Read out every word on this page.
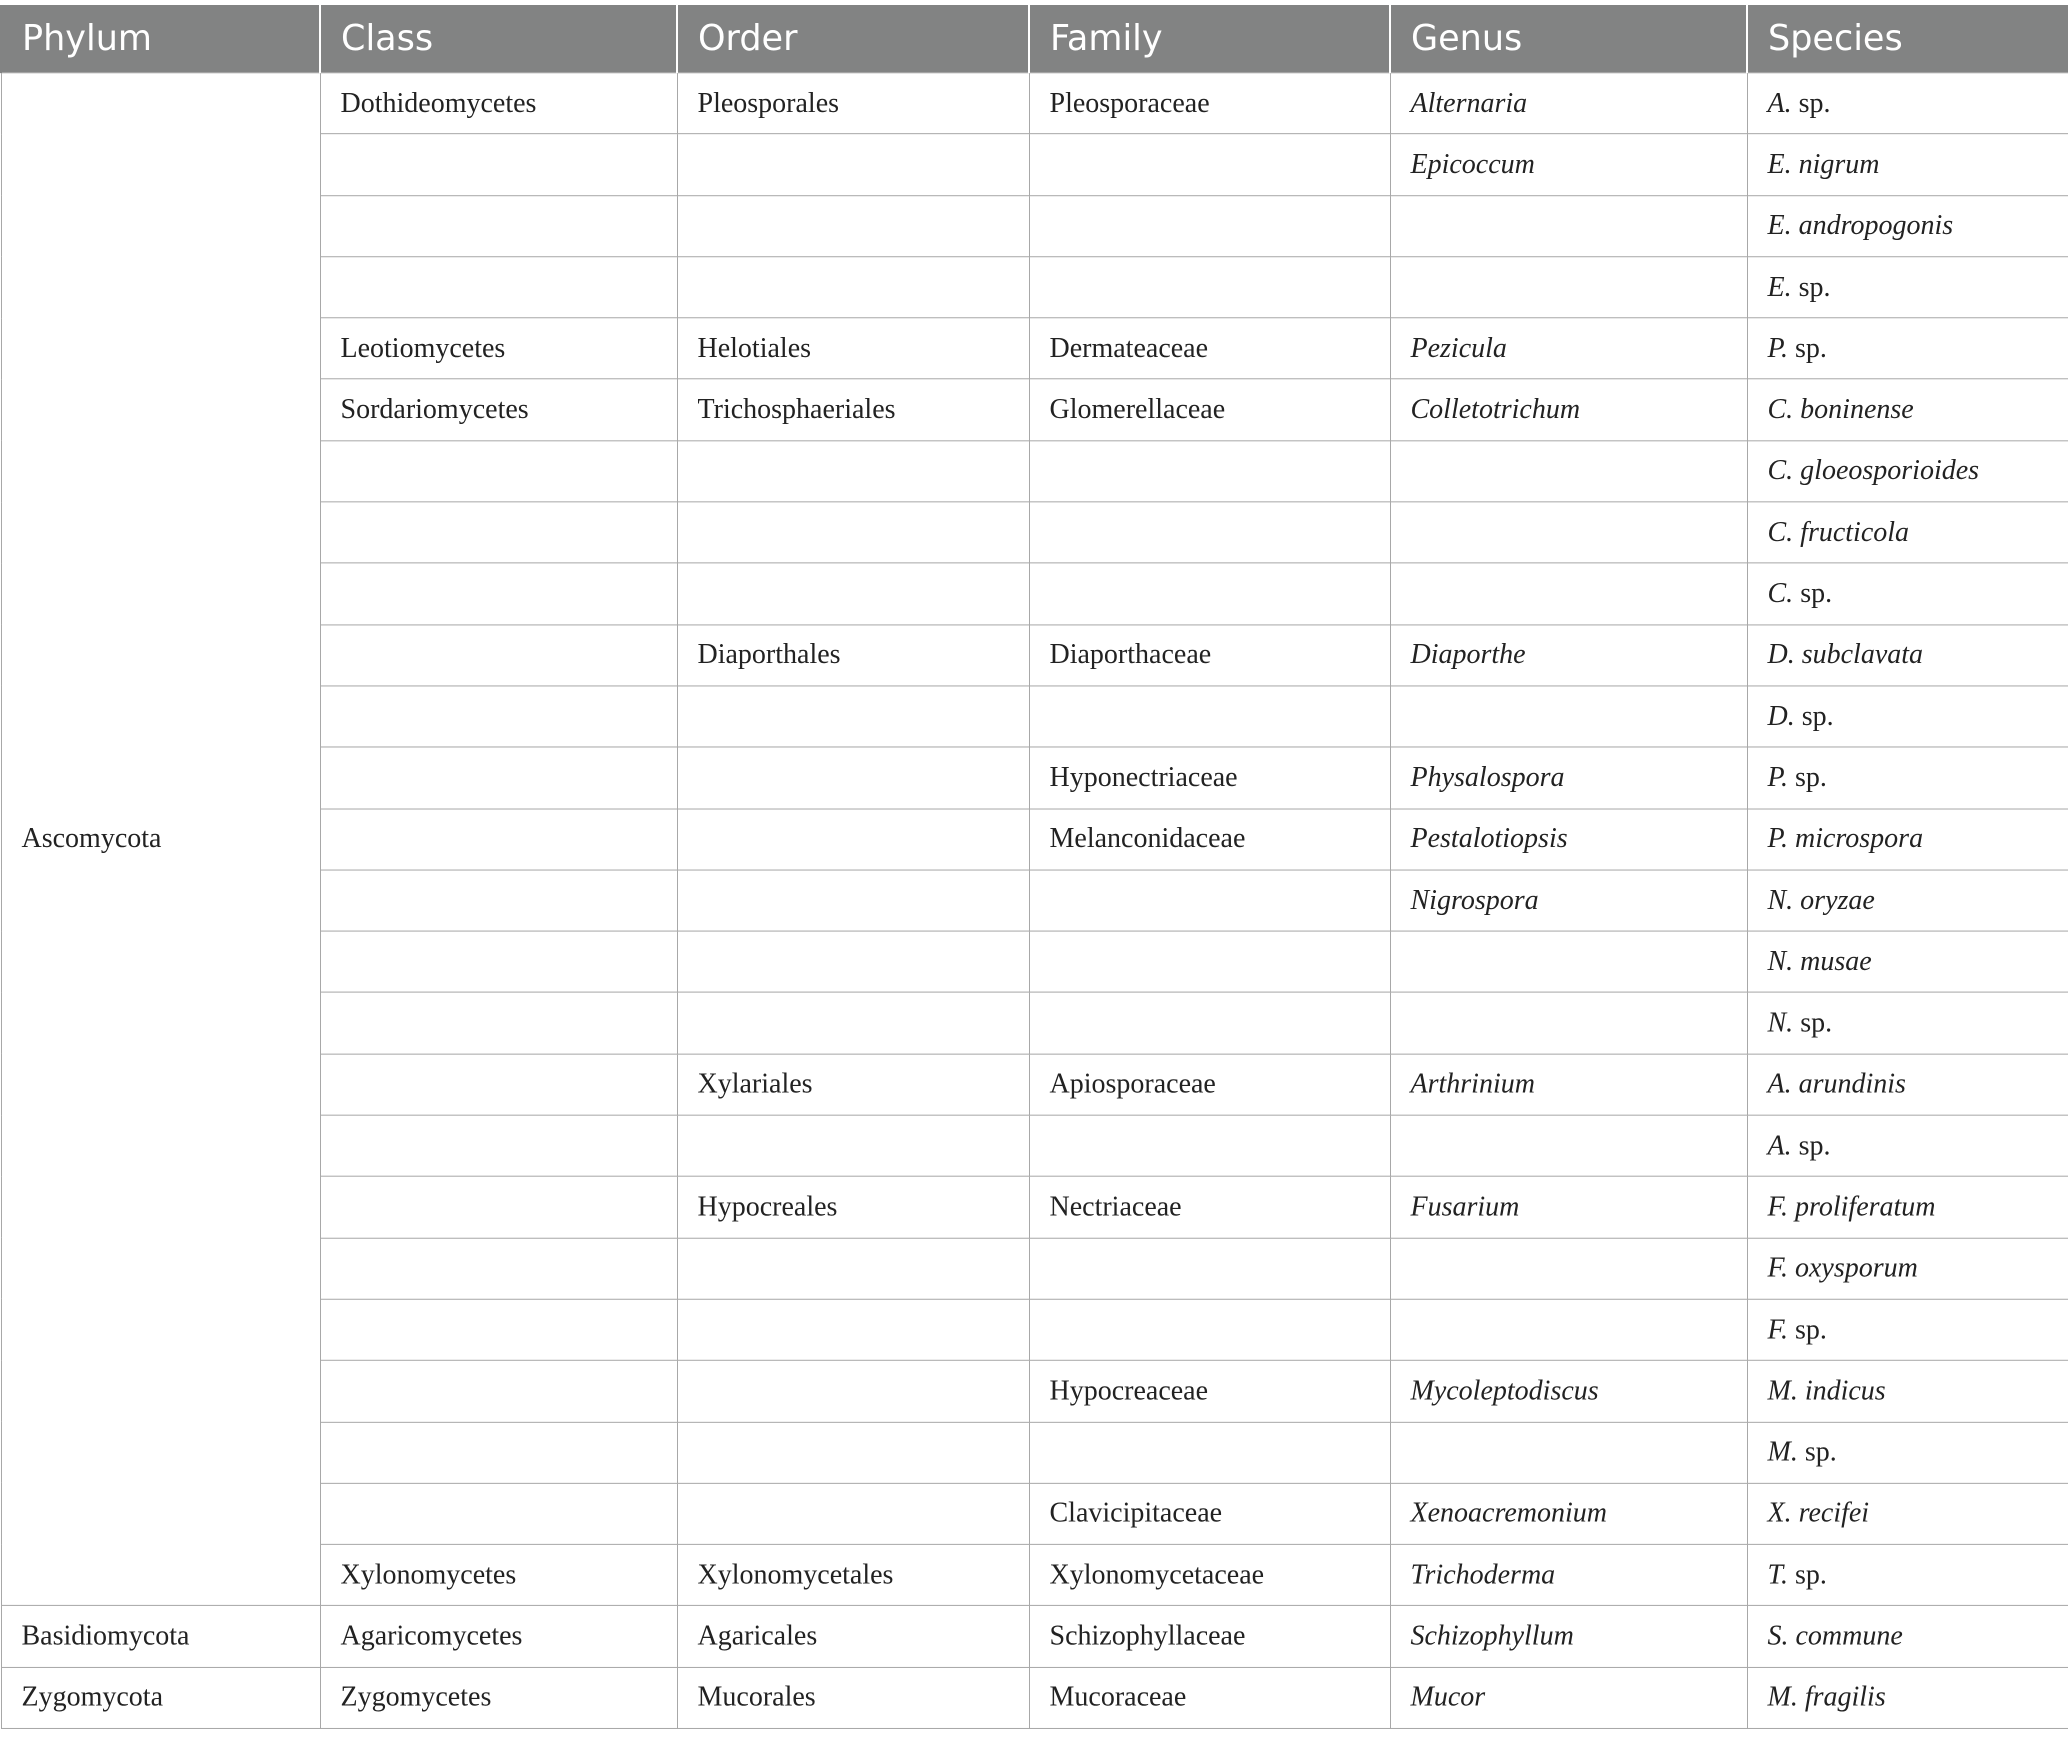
Phylum	Class	Order	Family	Genus	Species
Ascomycota	Dothideomycetes	Pleosporales	Pleosporaceae	Alternaria	A. sp.
				Epicoccum	E. nigrum
					E. andropogonis
					E. sp.
	Leotiomycetes	Helotiales	Dermateaceae	Pezicula	P. sp.
	Sordariomycetes	Trichosphaeriales	Glomerellaceae	Colletotrichum	C. boninense
					C. gloeosporioides
					C. fructicola
					C. sp.
		Diaporthales	Diaporthaceae	Diaporthe	D. subclavata
					D. sp.
			Hyponectriaceae	Physalospora	P. sp.
			Melanconidaceae	Pestalotiopsis	P. microspora
				Nigrospora	N. oryzae
					N. musae
					N. sp.
		Xylariales	Apiosporaceae	Arthrinium	A. arundinis
					A. sp.
		Hypocreales	Nectriaceae	Fusarium	F. proliferatum
					F. oxysporum
					F. sp.
			Hypocreaceae	Mycoleptodiscus	M. indicus
					M. sp.
			Clavicipitaceae	Xenoacremonium	X. recifei
	Xylonomycetes	Xylonomycetales	Xylonomycetaceae	Trichoderma	T. sp.
Basidiomycota	Agaricomycetes	Agaricales	Schizophyllaceae	Schizophyllum	S. commune
Zygomycota	Zygomycetes	Mucorales	Mucoraceae	Mucor	M. fragilis
